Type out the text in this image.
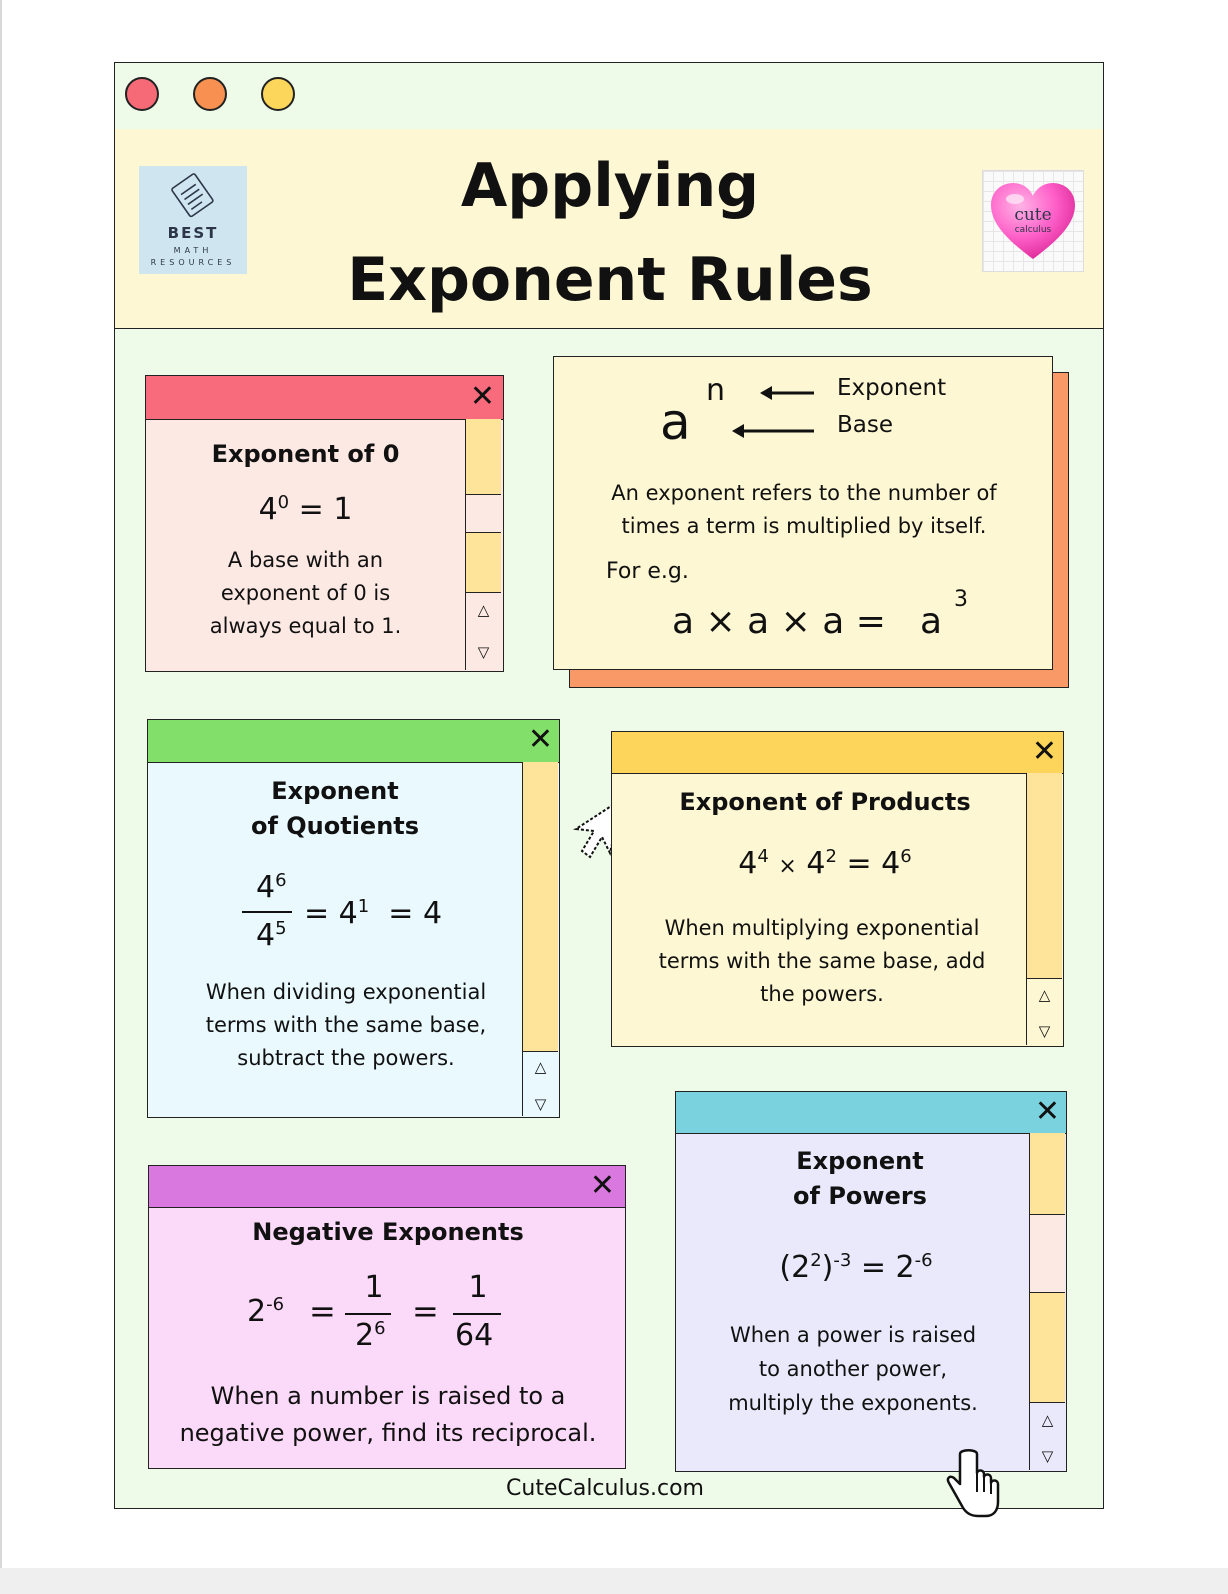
BEST
MATH
RESOURCES
Applying
Exponent Rules
cute
calculus
✕
△
▽
Exponent of 0
$4^0 = 1$
A base with an
exponent of 0 is
always equal to 1.
a
n	Exponent
Base
An exponent refers to the number of
times a term is multiplied by itself.
For e.g.
a × a × a = a
3
✕
△
▽
Exponent
of Quotients
$4^6$
$4^5 = 4^1 = 4$
When dividing exponential
terms with the same base,
subtract the powers.
✕
△
▽
Exponent of Products
$4^4 \times 4^2 = 4^6$
When multiplying exponential
terms with the same base, add
the powers.
✕
Negative Exponents
$2^{-6}$ =
1
$2^6$ =
1
64
When a number is raised to a
negative power, find its reciprocal.
✕
△
▽
Exponent
of Powers
$(2^2)^{-3} = 2^{-6}$
When a power is raised
to another power,
multiply the exponents.
CuteCalculus.com
